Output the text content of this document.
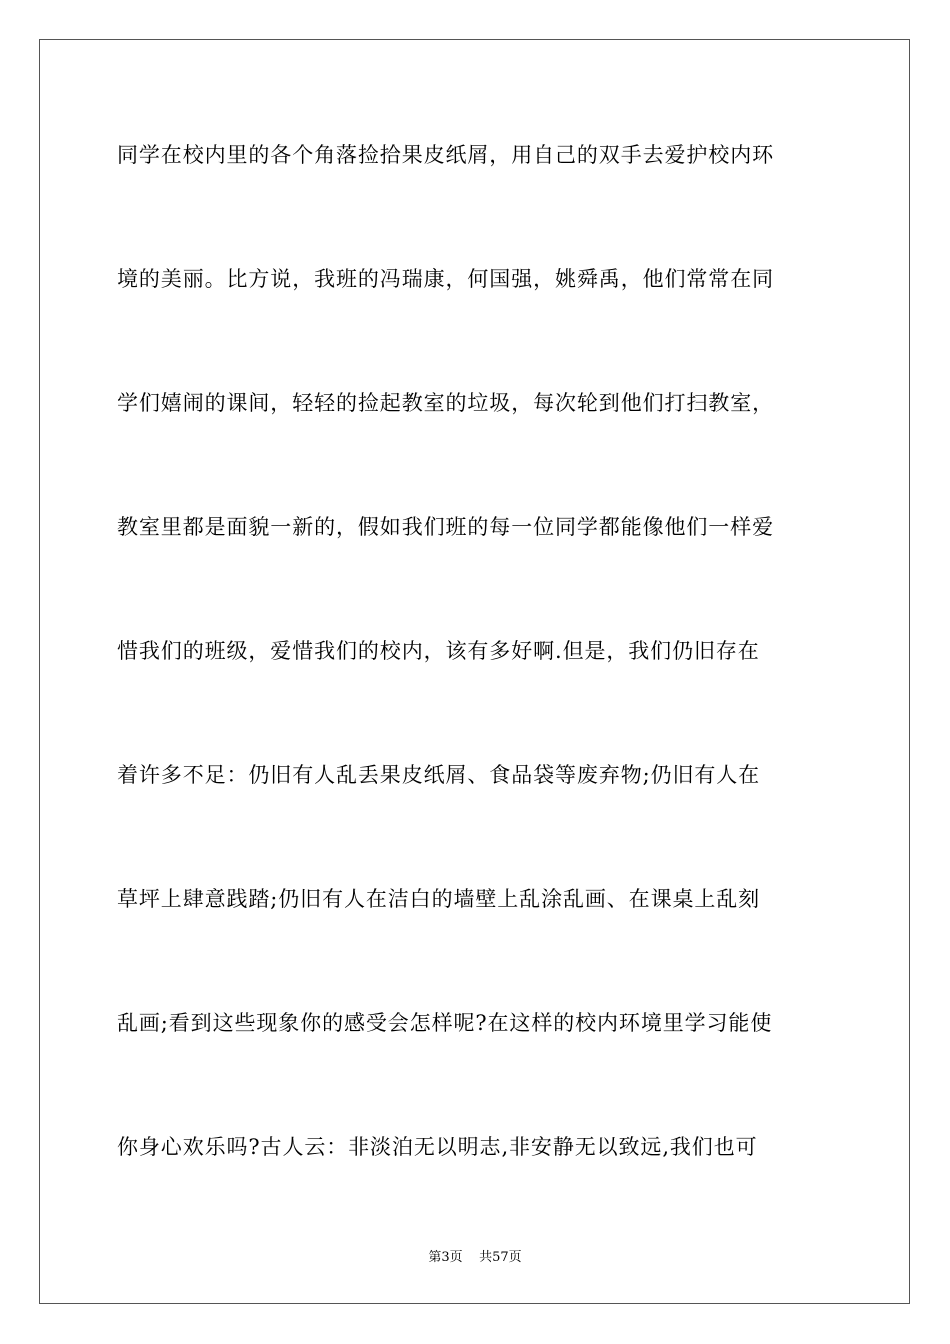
同学在校内里的各个角落捡拾果皮纸屑，用自己的双手去爱护校内环
境的美丽。比方说，我班的冯瑞康，何国强，姚舜禹，他们常常在同
学们嬉闹的课间，轻轻的捡起教室的垃圾，每次轮到他们打扫教室，
教室里都是面貌一新的，假如我们班的每一位同学都能像他们一样爱
惜我们的班级，爱惜我们的校内，该有多好啊.但是，我们仍旧存在
着许多不足：仍旧有人乱丢果皮纸屑、食品袋等废弃物;仍旧有人在
草坪上肆意践踏;仍旧有人在洁白的墙壁上乱涂乱画、在课桌上乱刻
乱画;看到这些现象你的感受会怎样呢?在这样的校内环境里学习能使
你身心欢乐吗?古人云：非淡泊无以明志,非安静无以致远,我们也可
第3页 共57页
